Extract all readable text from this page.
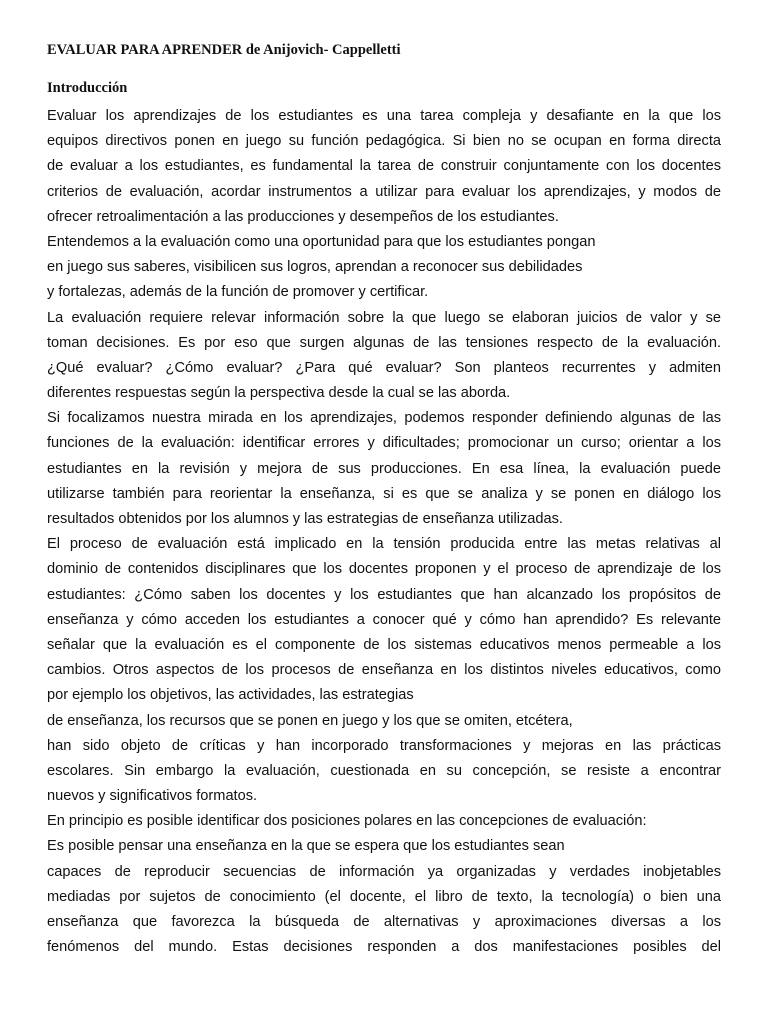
EVALUAR PARA APRENDER de Anijovich- Cappelletti
Introducción
Evaluar los aprendizajes de los estudiantes es una tarea compleja y desafiante en la que los
equipos directivos ponen en juego su función pedagógica. Si bien no se ocupan en forma directa
de evaluar a los estudiantes, es fundamental la tarea de construir conjuntamente con los docentes
criterios de evaluación, acordar instrumentos a utilizar para evaluar los aprendizajes, y modos de
ofrecer retroalimentación a las producciones y desempeños de los estudiantes.
Entendemos a la evaluación como una oportunidad para que los estudiantes pongan
en juego sus saberes, visibilicen sus logros, aprendan a reconocer sus debilidades
y fortalezas, además de la función de promover y certificar.
La evaluación requiere relevar información sobre la que luego se elaboran juicios de valor y se
toman decisiones. Es por eso que surgen algunas de las tensiones respecto de la evaluación.
¿Qué evaluar? ¿Cómo evaluar? ¿Para qué evaluar? Son planteos recurrentes y admiten
diferentes respuestas según la perspectiva desde la cual se las aborda.
Si focalizamos nuestra mirada en los aprendizajes, podemos responder definiendo algunas de las
funciones de la evaluación: identificar errores y dificultades; promocionar un curso; orientar a los
estudiantes en la revisión y mejora de sus producciones. En esa línea, la evaluación puede
utilizarse también para reorientar la enseñanza, si es que se analiza y se ponen en diálogo los
resultados obtenidos por los alumnos y las estrategias de enseñanza utilizadas.
El proceso de evaluación está implicado en la tensión producida entre las metas relativas al
dominio de contenidos disciplinares que los docentes proponen y el proceso de aprendizaje de los
estudiantes: ¿Cómo saben los docentes y los estudiantes que han alcanzado los propósitos de
enseñanza y cómo acceden los estudiantes a conocer qué y cómo han aprendido? Es relevante
señalar que la evaluación es el componente de los sistemas educativos menos permeable a los
cambios. Otros aspectos de los procesos de enseñanza en los distintos niveles educativos, como
por ejemplo los objetivos, las actividades, las estrategias
de enseñanza, los recursos que se ponen en juego y los que se omiten, etcétera,
han sido objeto de críticas y han incorporado transformaciones y mejoras en las prácticas
escolares. Sin embargo la evaluación, cuestionada en su concepción, se resiste a encontrar
nuevos y significativos formatos.
En principio es posible identificar dos posiciones polares en las concepciones de evaluación:
Es posible pensar una enseñanza en la que se espera que los estudiantes sean
capaces de reproducir secuencias de información ya organizadas y verdades inobjetables
mediadas por sujetos de conocimiento (el docente, el libro de texto, la tecnología) o bien una
enseñanza que favorezca la búsqueda de alternativas y aproximaciones diversas a los
fenómenos del mundo. Estas decisiones responden a dos manifestaciones posibles del
